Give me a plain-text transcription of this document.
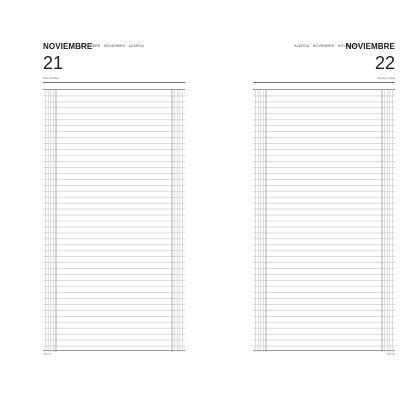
NOVIEMBRE
NOVEMBRE · NOVEMBER · AZAROA
21
San Gelasio
325-41
AZAROA · NOVEMBRE · NOVEMBER
NOVIEMBRE
22
Santa Cecilia
326-40
